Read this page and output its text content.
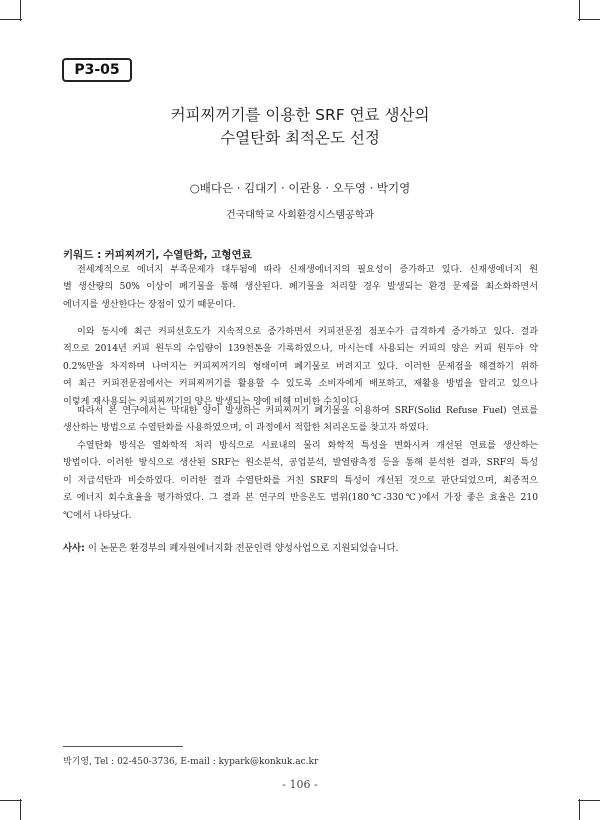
P3-05
커피찌꺼기를 이용한 SRF 연료 생산의
수열탄화 최적온도 선정
○배다은 · 김대기 · 이관용 · 오두영 · 박기영
건국대학교 사회환경시스템공학과
키워드 : 커피찌꺼기, 수열탄화, 고형연료
전세계적으로 에너지 부족문제가 대두됨에 따라 신재생에너지의 필요성이 증가하고 있다. 신재생에너지 원
별 생산량의 50% 이상이 폐기물을 통해 생산된다. 폐기물을 처리할 경우 발생되는 환경 문제를 최소화하면서
에너지를 생산한다는 장점이 있기 때문이다.
이와 동시에 최근 커피선호도가 지속적으로 증가하면서 커피전문점 점포수가 급격하게 증가하고 있다. 결과
적으로 2014년 커피 원두의 수입량이 139천톤을 기록하였으나, 마시는데 사용되는 커피의 양은 커피 원두야 약
0.2%만을 차지하며 나머지는 커피찌꺼기의 형태이며 폐기물로 버려지고 있다. 이러한 문제점을 해결하기 위하
여 최근 커피전문점에서는 커피찌꺼기를 활용할 수 있도록 소비자에게 배포하고, 재활용 방법을 알리고 있으나
이렇게 재사용되는 커피찌꺼기의 양은 발생되는 양에 비해 미비한 수치이다.
따라서 본 연구에서는 막대한 양이 발생하는 커피찌꺼기 폐기물을 이용하여 SRF(Solid Refuse Fuel) 연료를
생산하는 방법으로 수열탄화를 사용하였으며, 이 과정에서 적합한 처리온도를 찾고자 하였다.
수열탄화 방식은 열화학적 처리 방식으로 시료내의 물리 화학적 특성을 변화시켜 개선된 연료를 생산하는
방법이다. 이러한 방식으로 생산된 SRF는 원소분석, 공업분석, 발열량측정 등을 통해 분석한 결과, SRF의 특성
이 저급석탄과 비슷하였다. 이러한 결과 수열탄화를 거친 SRF의 특성이 개선된 것으로 판단되었으며, 최종적으
로 에너지 회수효율을 평가하였다. 그 결과 본 연구의 반응온도 범위(180℃-330℃)에서 가장 좋은 효율은 210
℃에서 나타났다.
사사: 이 논문은 환경부의 폐자원에너지화 전문인력 양성사업으로 지원되었습니다.
박기영, Tel : 02-450-3736, E-mail : kypark@konkuk.ac.kr
- 106 -
